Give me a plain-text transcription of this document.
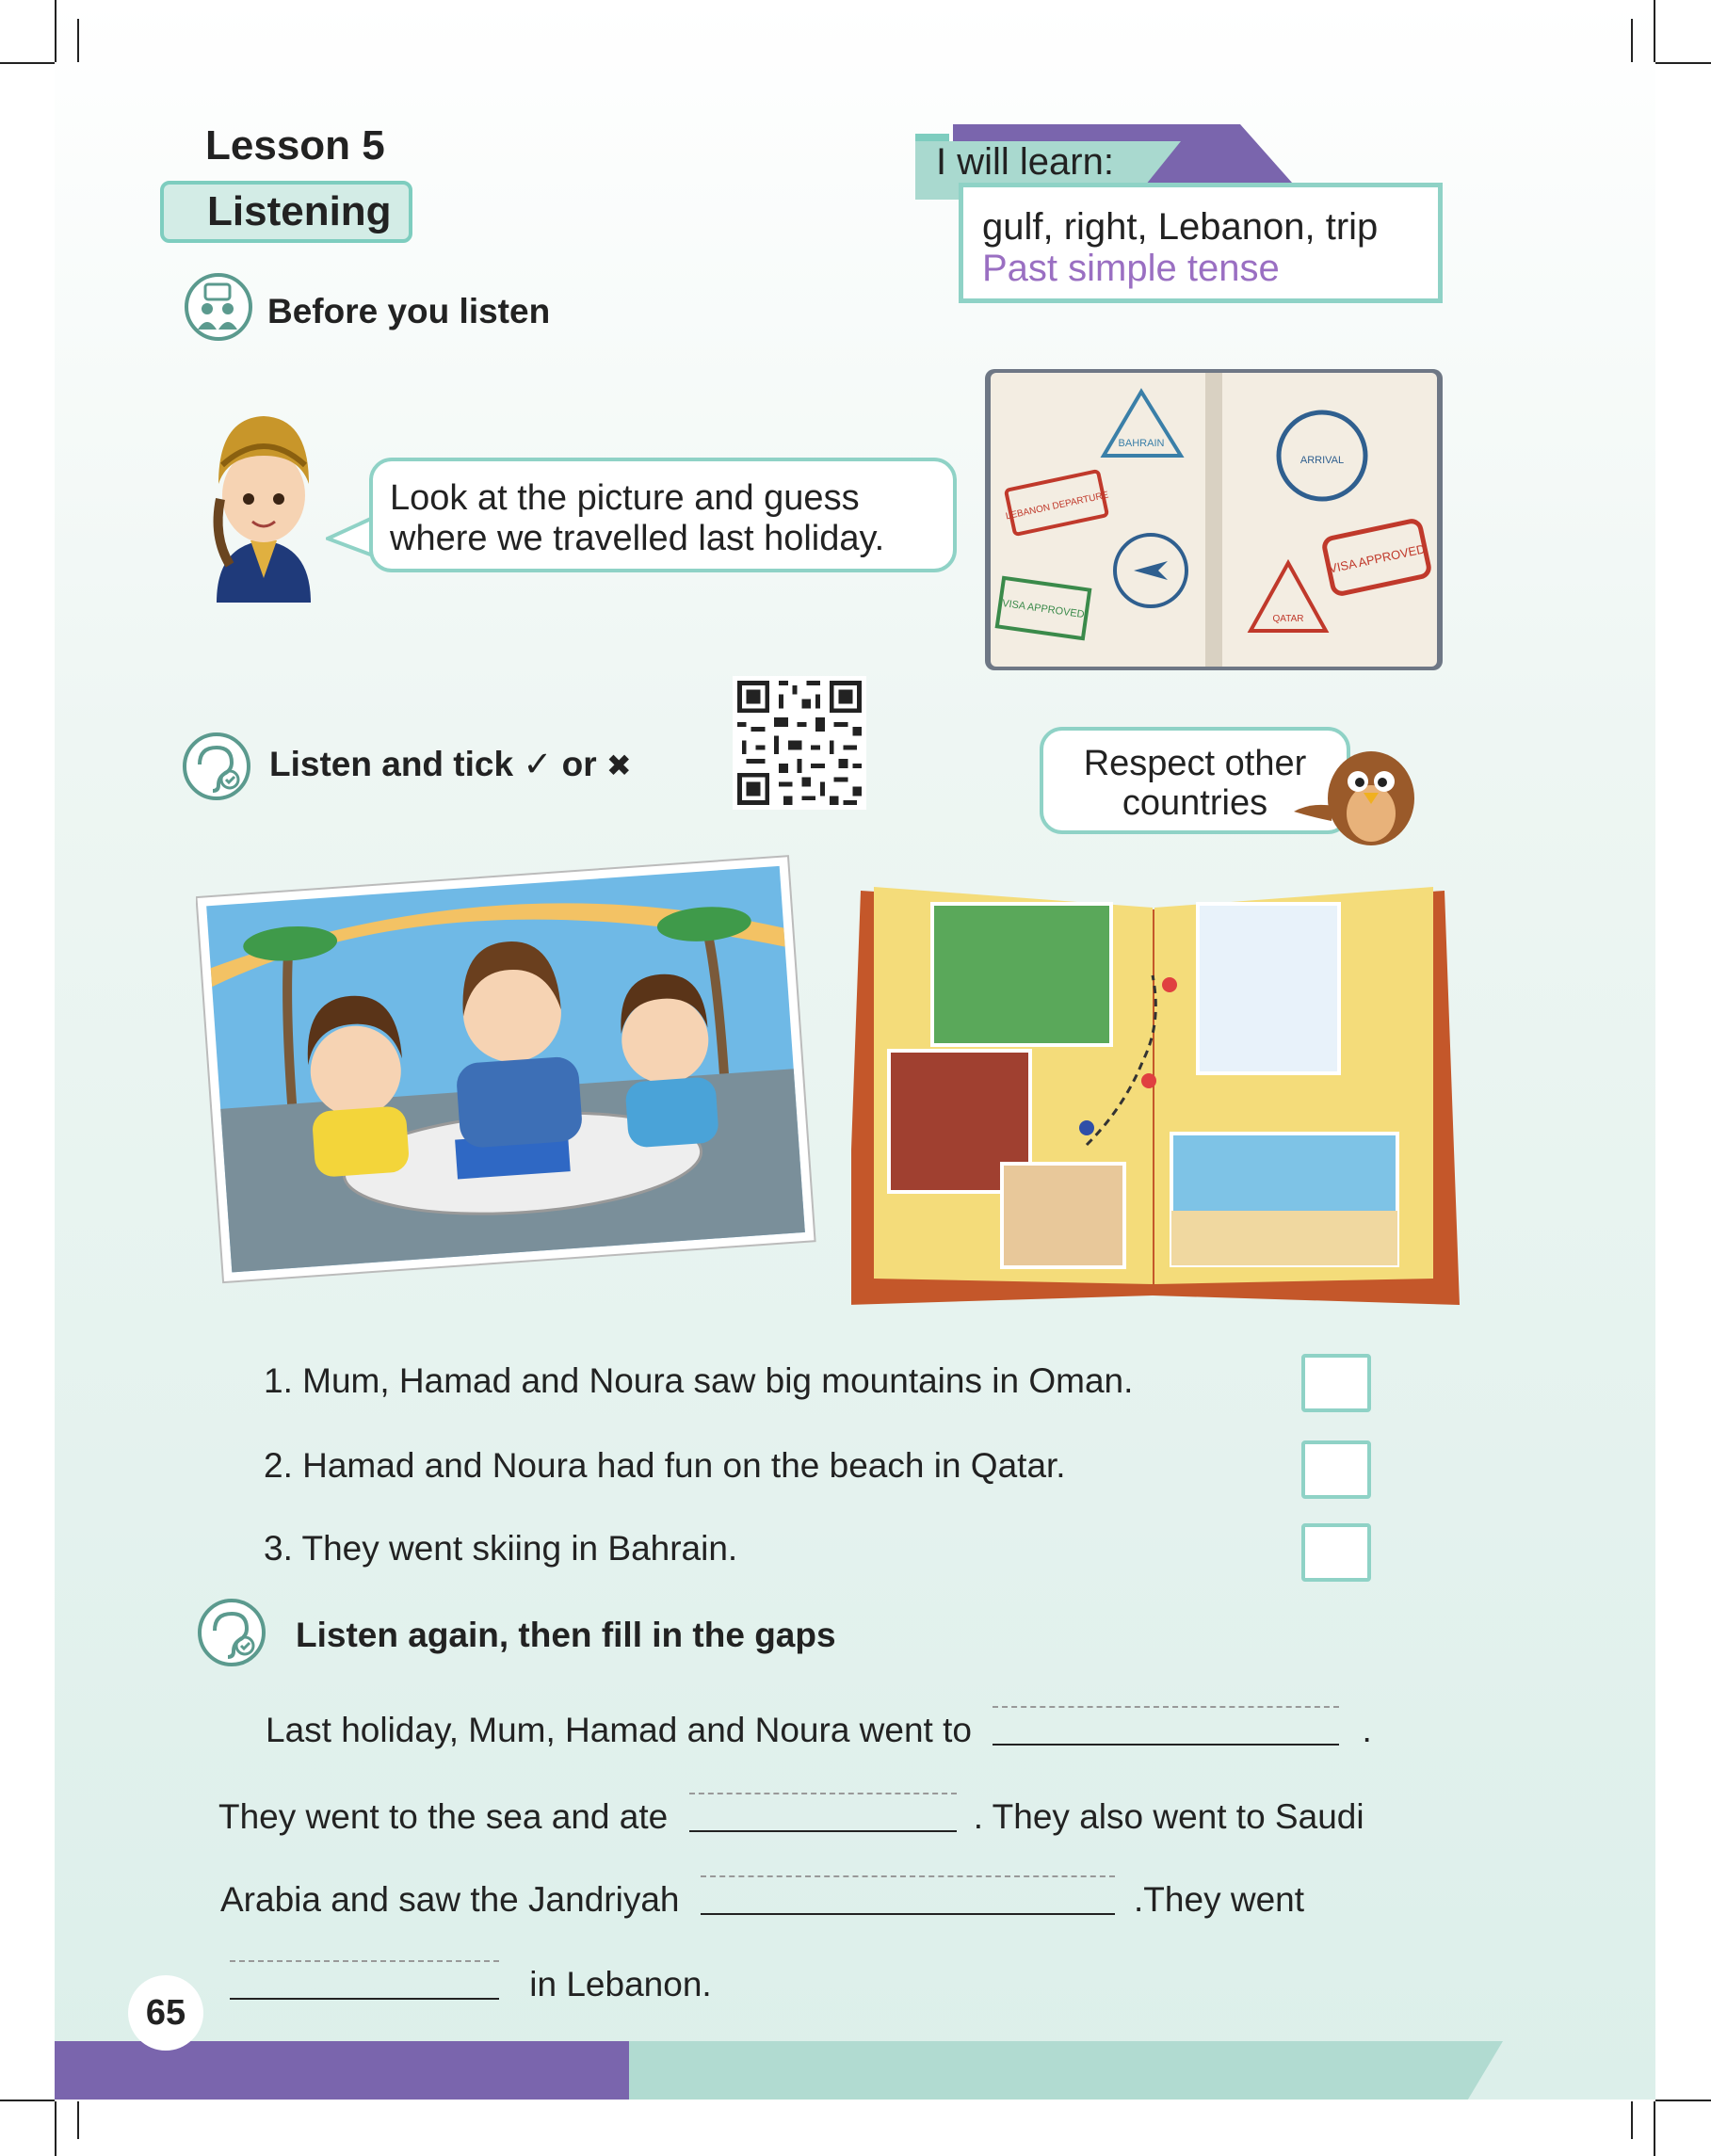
Lesson 5
Listening
I will learn:
gulf, right, Lebanon, trip
Past simple tense
Before you listen
Look at the picture and guess
where we travelled last holiday.
BAHRAIN
LEBANON DEPARTURE
VISA APPROVED
ARRIVAL
VISA APPROVED
QATAR
Listen and tick ✓ or ✖	Respect other
countries
1. Mum, Hamad and Noura saw big mountains in Oman.
2. Hamad and Noura had fun on the beach in Qatar.
3. They went skiing in Bahrain.
Listen again, then fill in the gaps
Last holiday, Mum, Hamad and Noura went to	.
They went to the sea and ate	. They also went to Saudi
Arabia and saw the Jandriyah	.They went
in Lebanon.
65
